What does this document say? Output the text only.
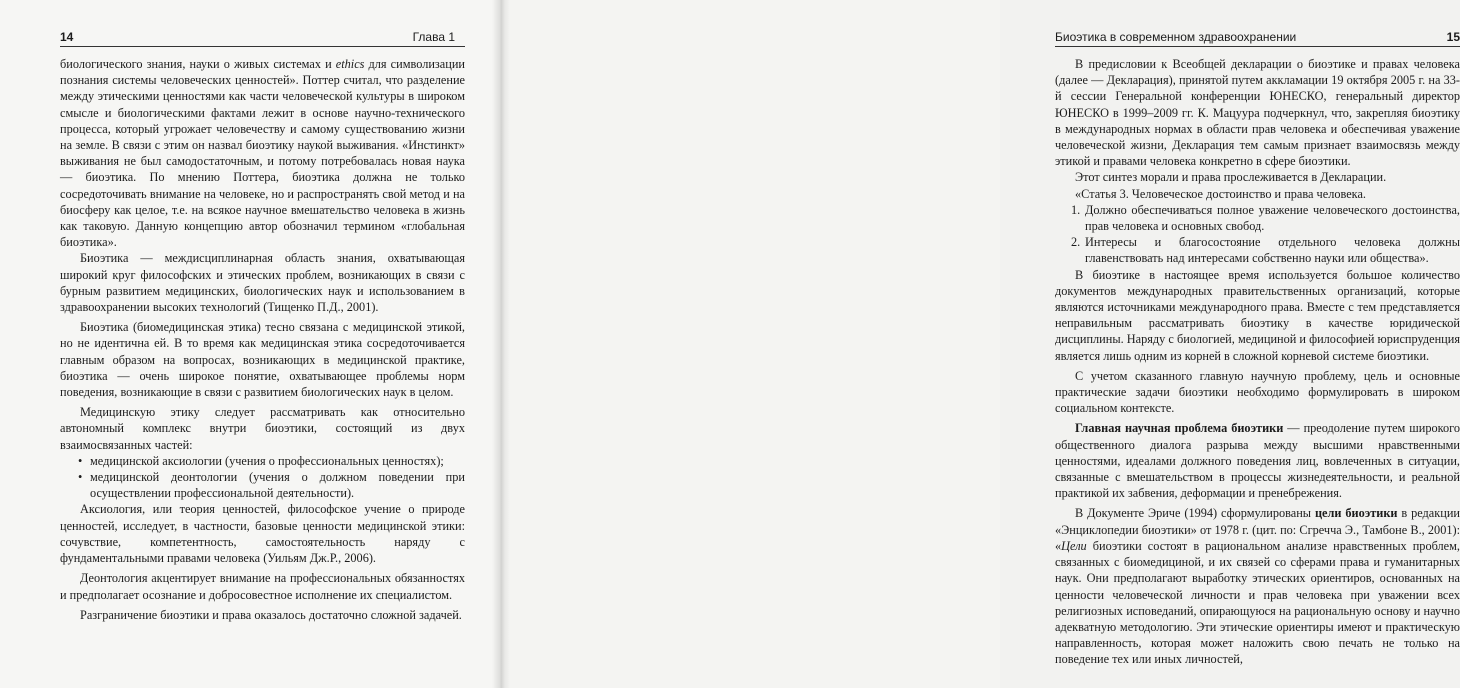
14	Глава 1

биологического знания, науки о живых системах и ethics для символизации познания системы человеческих ценностей». Поттер считал, что разделение между этическими ценностями как части человеческой культуры в широком смысле и биологическими фактами лежит в основе научно-технического процесса, который угрожает человечеству и самому существованию жизни на земле. В связи с этим он назвал биоэтику наукой выживания. «Инстинкт» выживания не был самодостаточным, и потому потребовалась новая наука — биоэтика. По мнению Поттера, биоэтика должна не только сосредоточивать внимание на человеке, но и распространять свой метод и на биосферу как целое, т.е. на всякое научное вмешательство человека в жизнь как таковую. Данную концепцию автор обозначил термином «глобальная биоэтика».

Биоэтика — междисциплинарная область знания, охватывающая широкий круг философских и этических проблем, возникающих в связи с бурным развитием медицинских, биологических наук и использованием в здравоохранении высоких технологий (Тищенко П.Д., 2001).

Биоэтика (биомедицинская этика) тесно связана с медицинской этикой, но не идентична ей. В то время как медицинская этика сосредоточивается главным образом на вопросах, возникающих в медицинской практике, биоэтика — очень широкое понятие, охватывающее проблемы норм поведения, возникающие в связи с развитием биологических наук в целом.

Медицинскую этику следует рассматривать как относительно автономный комплекс внутри биоэтики, состоящий из двух взаимосвязанных частей:

• медицинской аксиологии (учения о профессиональных ценностях);
• медицинской деонтологии (учения о должном поведении при осуществлении профессиональной деятельности).

Аксиология, или теория ценностей, философское учение о природе ценностей, исследует, в частности, базовые ценности медицинской этики: сочувствие, компетентность, самостоятельность наряду с фундаментальными правами человека (Уильям Дж.Р., 2006).

Деонтология акцентирует внимание на профессиональных обязанностях и предполагает осознание и добросовестное исполнение их специалистом.

Разграничение биоэтики и права оказалось достаточно сложной задачей.

Биоэтика в современном здравоохранении	15

В предисловии к Всеобщей декларации о биоэтике и правах человека (далее — Декларация), принятой путем аккламации 19 октября 2005 г. на 33-й сессии Генеральной конференции ЮНЕСКО, генеральный директор ЮНЕСКО в 1999–2009 гг. К. Мацуура подчеркнул, что, закрепляя биоэтику в международных нормах в области прав человека и обеспечивая уважение человеческой жизни, Декларация тем самым признает взаимосвязь между этикой и правами человека конкретно в сфере биоэтики.

Этот синтез морали и права прослеживается в Декларации.

«Статья 3. Человеческое достоинство и права человека.

1. Должно обеспечиваться полное уважение человеческого достоинства, прав человека и основных свобод.
2. Интересы и благосостояние отдельного человека должны главенствовать над интересами собственно науки или общества».

В биоэтике в настоящее время используется большое количество документов международных правительственных организаций, которые являются источниками международного права. Вместе с тем представляется неправильным рассматривать биоэтику в качестве юридической дисциплины. Наряду с биологией, медициной и философией юриспруденция является лишь одним из корней в сложной корневой системе биоэтики.

С учетом сказанного главную научную проблему, цель и основные практические задачи биоэтики необходимо формулировать в широком социальном контексте.

Главная научная проблема биоэтики — преодоление путем широкого общественного диалога разрыва между высшими нравственными ценностями, идеалами должного поведения лиц, вовлеченных в ситуации, связанные с вмешательством в процессы жизнедеятельности, и реальной практикой их забвения, деформации и пренебрежения.

В Документе Эриче (1994) сформулированы цели биоэтики в редакции «Энциклопедии биоэтики» от 1978 г. (цит. по: Сгречча Э., Тамбоне В., 2001): «Цели биоэтики состоят в рациональном анализе нравственных проблем, связанных с биомедициной, и их связей со сферами права и гуманитарных наук. Они предполагают выработку этических ориентиров, основанных на ценности человеческой личности и прав человека при уважении всех религиозных исповеданий, опирающуюся на рациональную основу и научно адекватную методологию. Эти этические ориентиры имеют и практическую направленность, которая может наложить свою печать не только на поведение тех или иных личностей,
